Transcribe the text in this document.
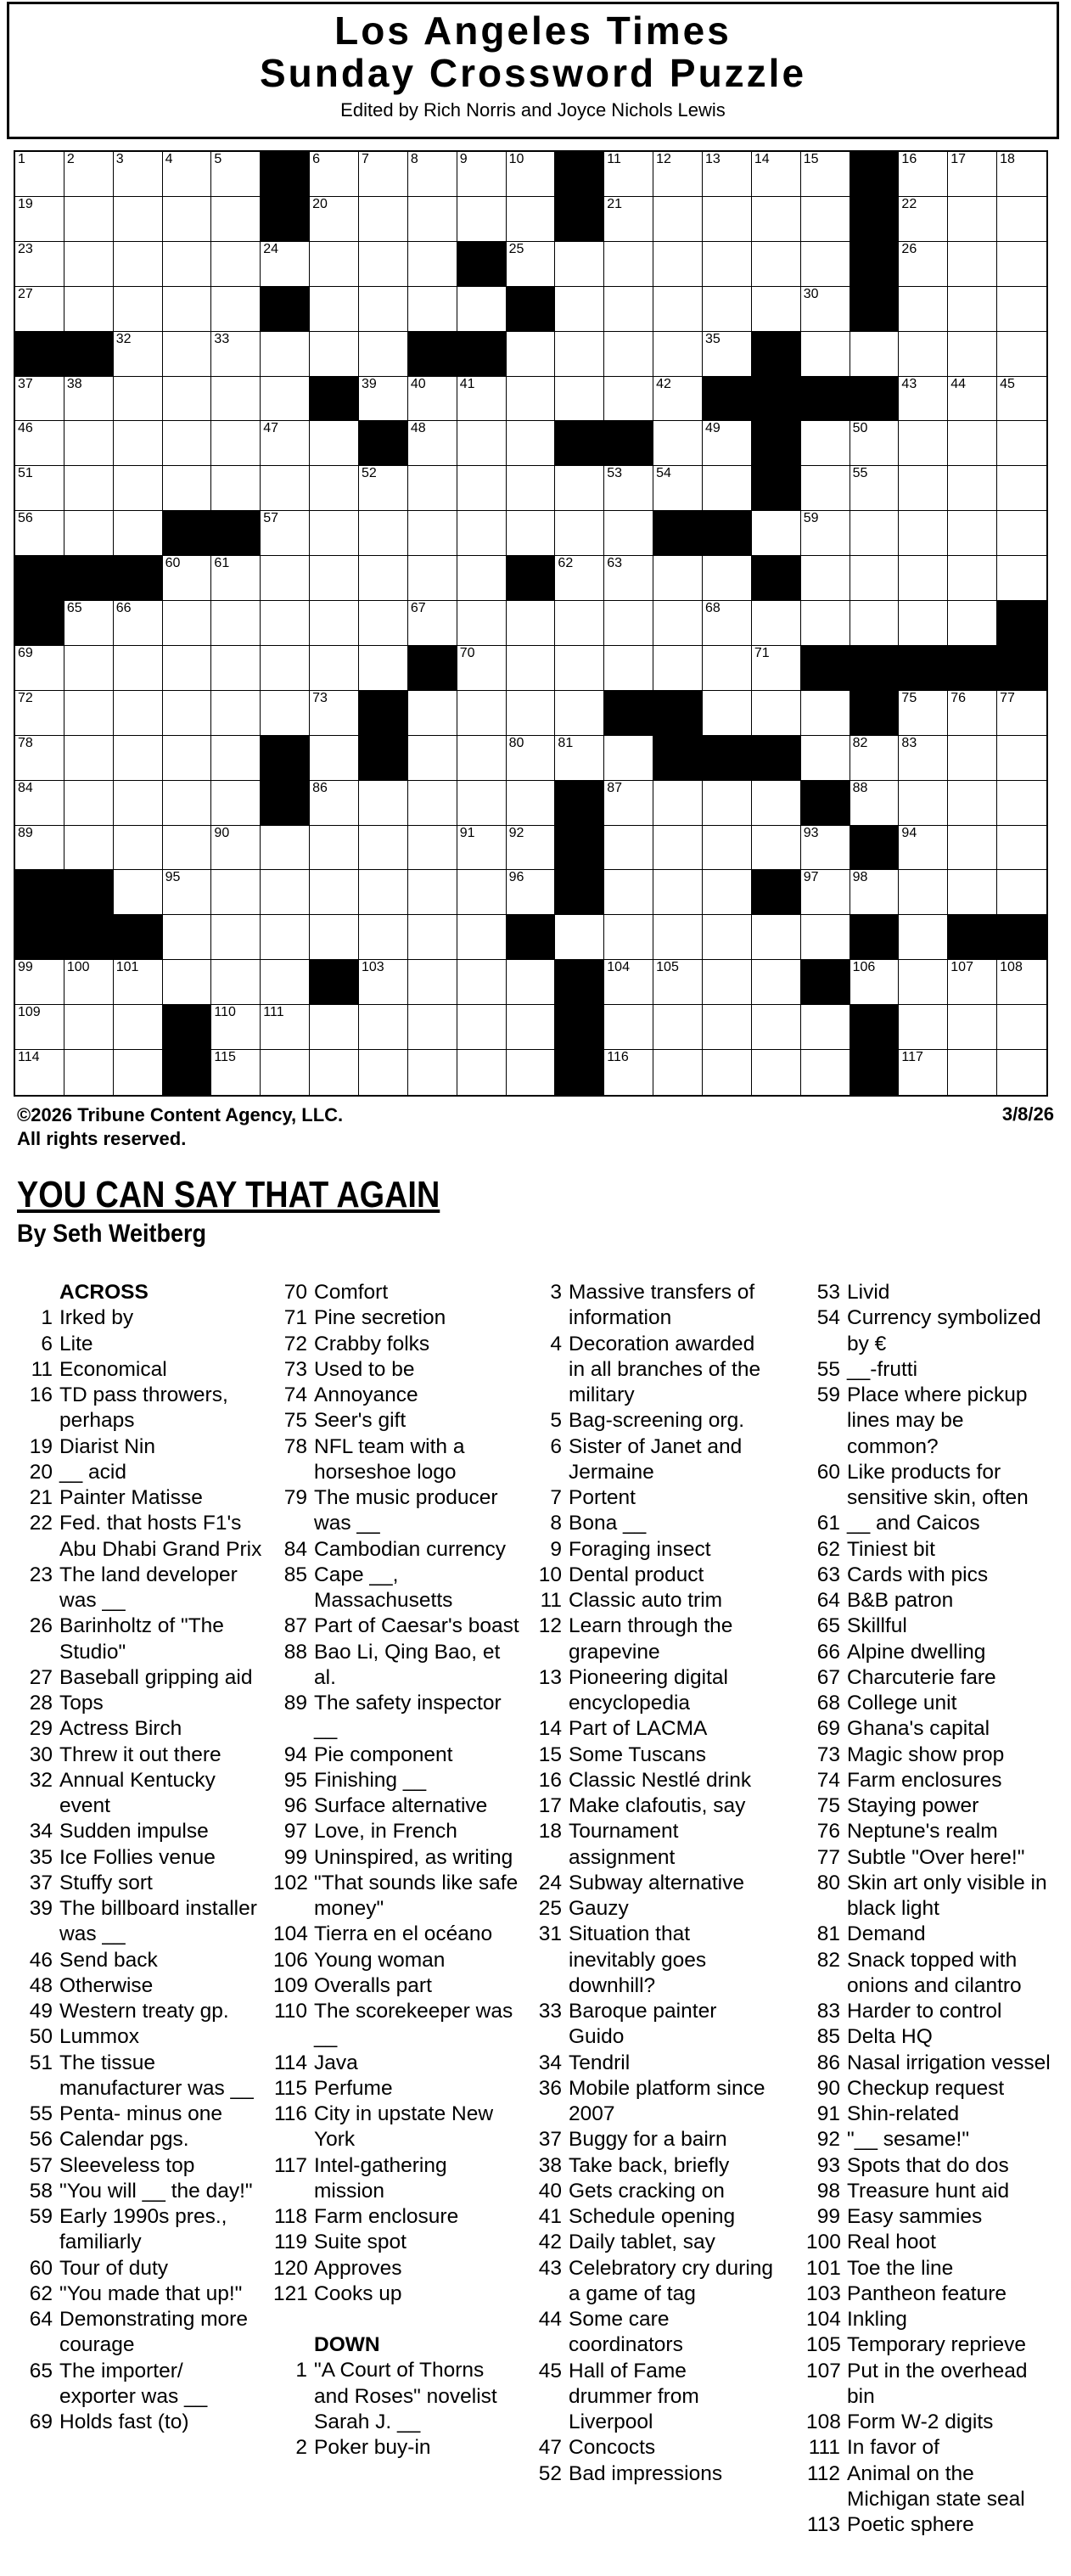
Los Angeles Times
Sunday Crossword Puzzle
Edited by Rich Norris and Joyce Nichols Lewis
1	2	3	4	5	6	7	8	9	10	11	12	13	14	15	16	17	18
19	20	21	22
23	24	25	26
27	30
32	33	35
37	38	39	40	41	42	43	44	45
46	47	48	49	50
51	52	53	54	55
56	57	59
60	61	62	63
65	66	67	68
69	70	71
72	73	75	76	77
78	80	81	82	83
84	86	87	88
89	90	91	92	93	94
95	96	97	98
99	100 101	103	104 105	106	107 108
109	110 111
114	115	116	117
©2026 Tribune Content Agency, LLC.
All rights reserved.
3/8/26
YOU CAN SAY THAT AGAIN
By Seth Weitberg
ACROSS
1 Irked by
6 Lite
11 Economical
16 TD pass throwers, perhaps
19 Diarist Nin
20 __ acid
21 Painter Matisse
22 Fed. that hosts F1's Abu Dhabi Grand Prix
23 The land developer was __
26 Barinholtz of "The Studio"
27 Baseball gripping aid
28 Tops
29 Actress Birch
30 Threw it out there
32 Annual Kentucky event
34 Sudden impulse
35 Ice Follies venue
37 Stuffy sort
39 The billboard installer was __
46 Send back
48 Otherwise
49 Western treaty gp.
50 Lummox
51 The tissue manufacturer was __
55 Penta- minus one
56 Calendar pgs.
57 Sleeveless top
58 "You will __ the day!"
59 Early 1990s pres., familiarly
60 Tour of duty
62 "You made that up!"
64 Demonstrating more courage
65 The importer/ exporter was __
69 Holds fast (to)
70 Comfort
71 Pine secretion
72 Crabby folks
73 Used to be
74 Annoyance
75 Seer's gift
78 NFL team with a horseshoe logo
79 The music producer was __
84 Cambodian currency
85 Cape __, Massachusetts
87 Part of Caesar's boast
88 Bao Li, Qing Bao, et al.
89 The safety inspector __
94 Pie component
95 Finishing __
96 Surface alternative
97 Love, in French
99 Uninspired, as writing
102 "That sounds like safe money"
104 Tierra en el océano
106 Young woman
109 Overalls part
110 The scorekeeper was __
114 Java
115 Perfume
116 City in upstate New York
117 Intel-gathering mission
118 Farm enclosure
119 Suite spot
120 Approves
121 Cooks up
DOWN
1 "A Court of Thorns and Roses" novelist Sarah J. __
2 Poker buy-in
3 Massive transfers of information
4 Decoration awarded in all branches of the military
5 Bag-screening org.
6 Sister of Janet and Jermaine
7 Portent
8 Bona __
9 Foraging insect
10 Dental product
11 Classic auto trim
12 Learn through the grapevine
13 Pioneering digital encyclopedia
14 Part of LACMA
15 Some Tuscans
16 Classic Nestlé drink
17 Make clafoutis, say
18 Tournament assignment
24 Subway alternative
25 Gauzy
31 Situation that inevitably goes downhill?
33 Baroque painter Guido
34 Tendril
36 Mobile platform since 2007
37 Buggy for a bairn
38 Take back, briefly
40 Gets cracking on
41 Schedule opening
42 Daily tablet, say
43 Celebratory cry during a game of tag
44 Some care coordinators
45 Hall of Fame drummer from Liverpool
47 Concocts
52 Bad impressions
53 Livid
54 Currency symbolized by €
55 __-frutti
59 Place where pickup lines may be common?
60 Like products for sensitive skin, often
61 __ and Caicos
62 Tiniest bit
63 Cards with pics
64 B&B patron
65 Skillful
66 Alpine dwelling
67 Charcuterie fare
68 College unit
69 Ghana's capital
73 Magic show prop
74 Farm enclosures
75 Staying power
76 Neptune's realm
77 Subtle "Over here!"
80 Skin art only visible in black light
81 Demand
82 Snack topped with onions and cilantro
83 Harder to control
85 Delta HQ
86 Nasal irrigation vessel
90 Checkup request
91 Shin-related
92 "__ sesame!"
93 Spots that do dos
98 Treasure hunt aid
99 Easy sammies
100 Real hoot
101 Toe the line
103 Pantheon feature
104 Inkling
105 Temporary reprieve
107 Put in the overhead bin
108 Form W-2 digits
111 In favor of
112 Animal on the Michigan state seal
113 Poetic sphere
